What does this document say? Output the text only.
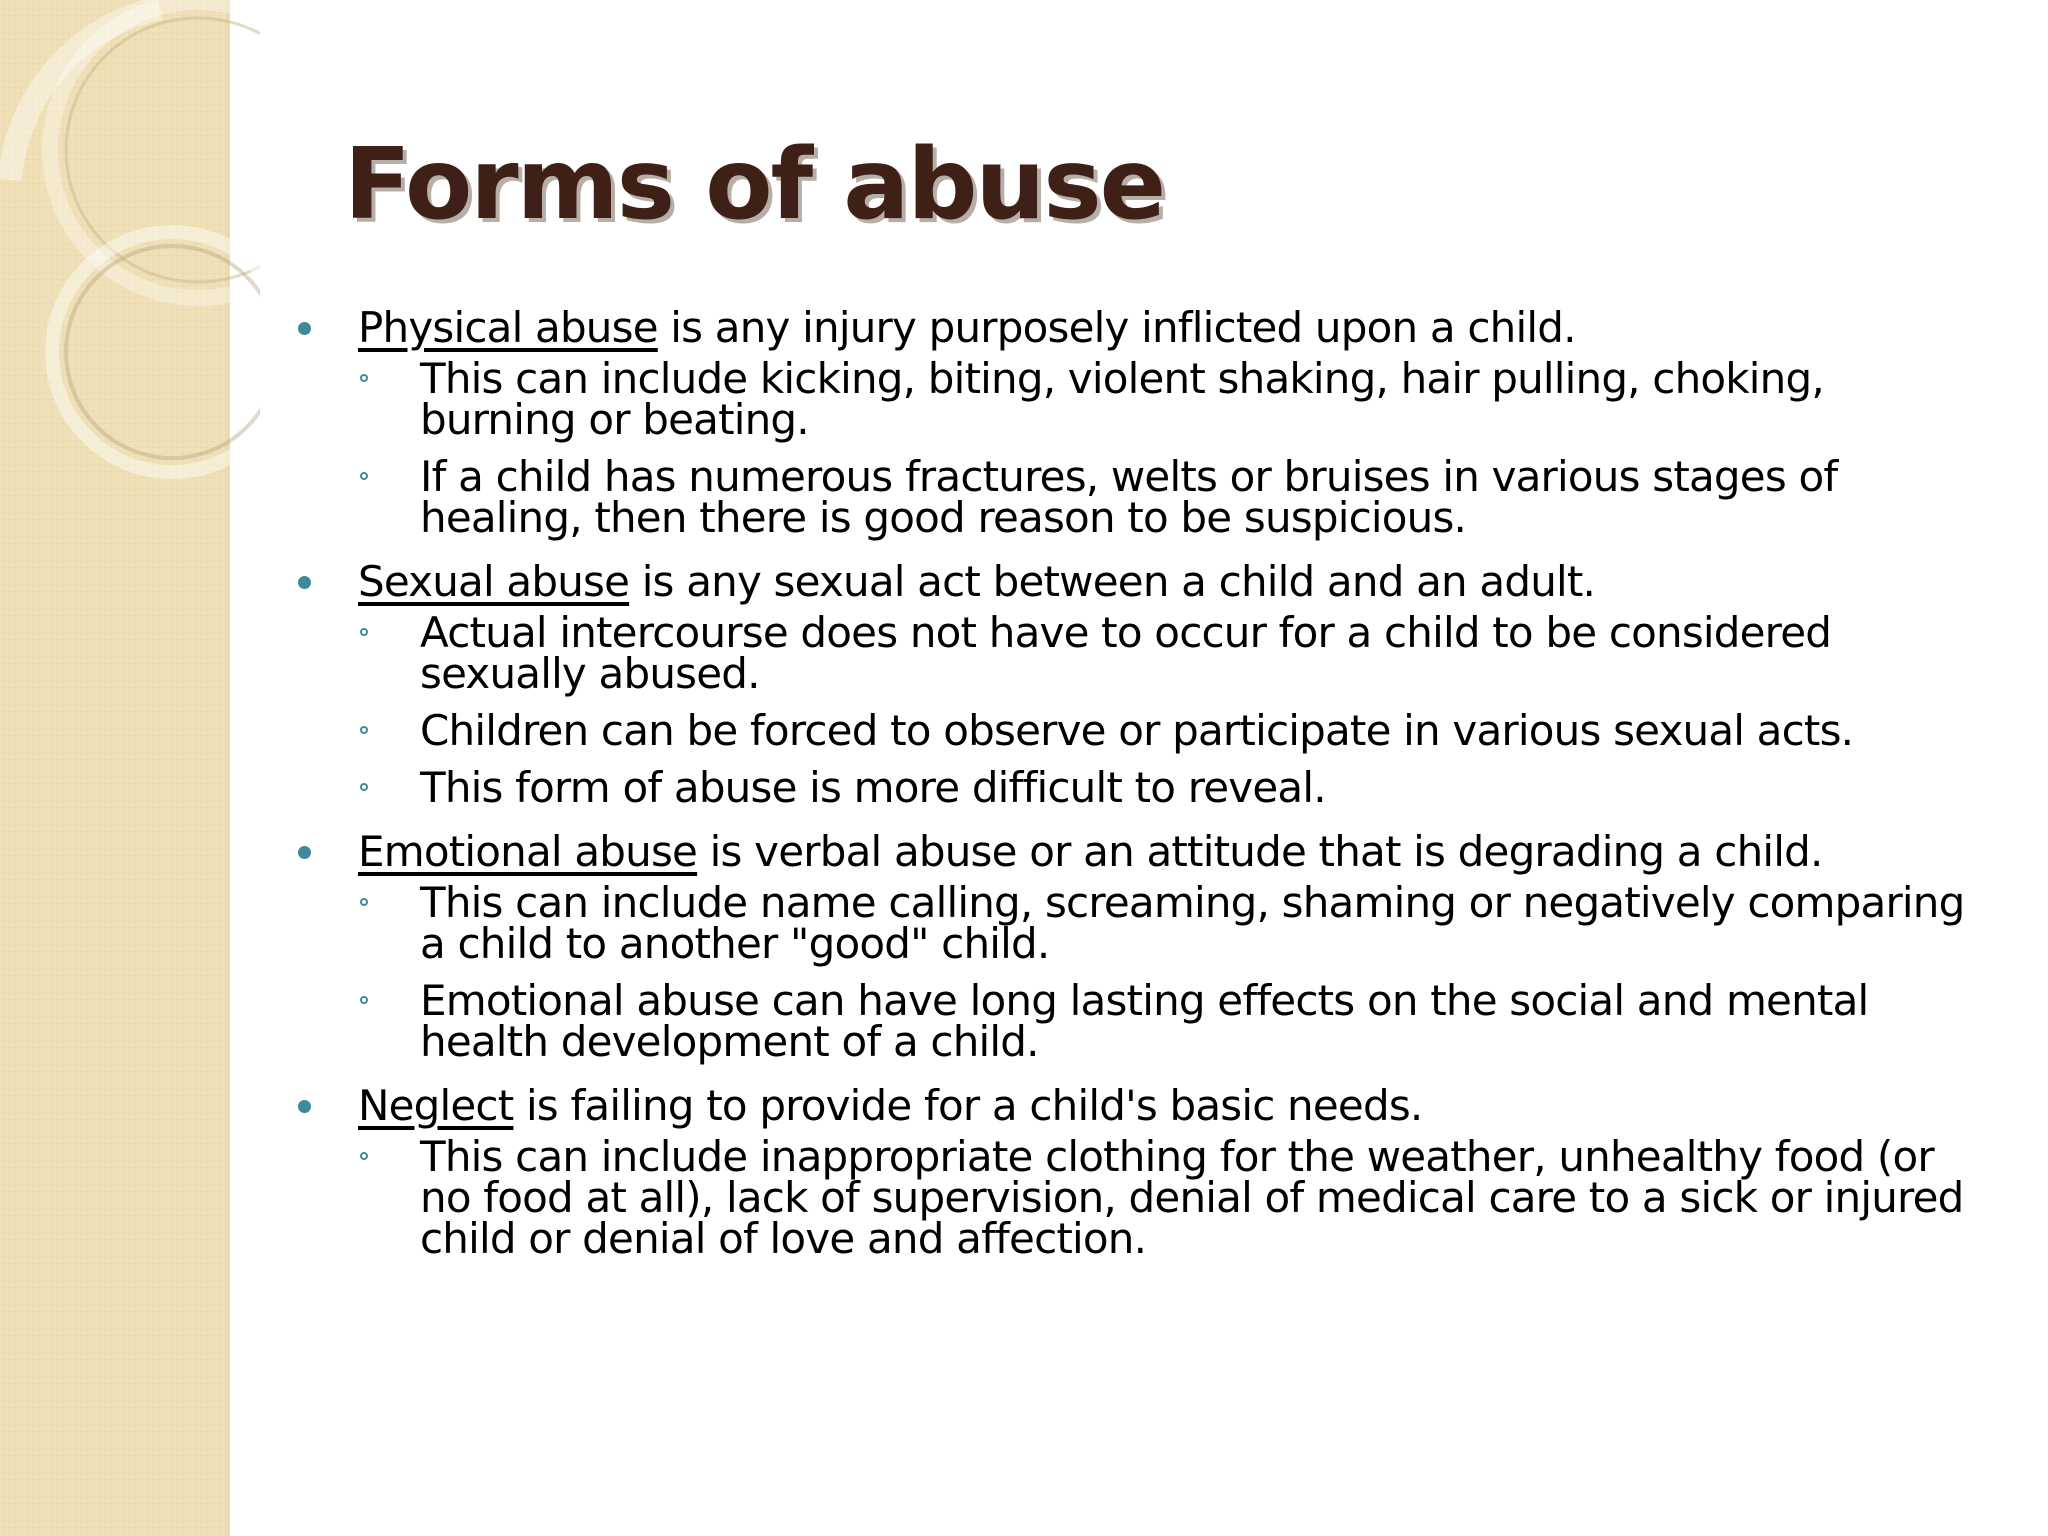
Forms of abuse
Physical abuse is any injury purposely inflicted upon a child.
This can include kicking, biting, violent shaking, hair pulling, choking, burning or beating.
If a child has numerous fractures, welts or bruises in various stages of healing, then there is good reason to be suspicious.
Sexual abuse is any sexual act between a child and an adult.
Actual intercourse does not have to occur for a child to be considered sexually abused.
Children can be forced to observe or participate in various sexual acts.
This form of abuse is more difficult to reveal.
Emotional abuse is verbal abuse or an attitude that is degrading a child.
This can include name calling, screaming, shaming or negatively comparing a child to another "good" child.
Emotional abuse can have long lasting effects on the social and mental health development of a child.
Neglect is failing to provide for a child's basic needs.
This can include inappropriate clothing for the weather, unhealthy food (or no food at all), lack of supervision, denial of medical care to a sick or injured child or denial of love and affection.
